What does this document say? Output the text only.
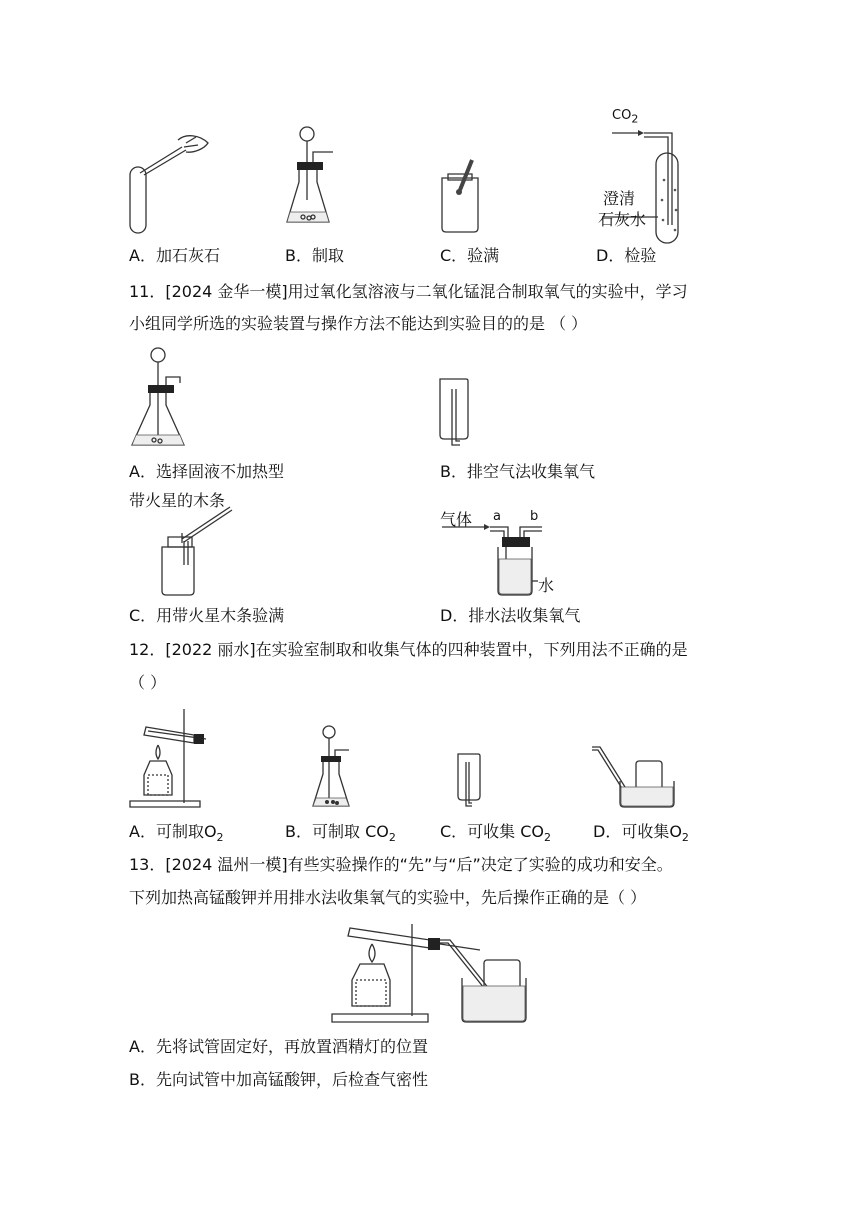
$CO_2$
澄清
石灰水
A．加石灰石	B．制取	C．验满	D．检验
11．[2024 金华一模]用过氧化氢溶液与二氧化锰混合制取氧气的实验中，学习
小组同学所选的实验装置与操作方法不能达到实验目的的是 （ ）
A．选择固液不加热型	B．排空气法收集氧气
带火星的木条
气体 a b
水
C．用带火星木条验满	D．排水法收集氧气
12．[2022 丽水]在实验室制取和收集气体的四种装置中，下列用法不正确的是
（ ）
A．可制取$O_2$	B．可制取 $CO_2$	C．可收集 $CO_2$	D．可收集$O_2$
13．[2024 温州一模]有些实验操作的“先”与“后”决定了实验的成功和安全。
下列加热高锰酸钾并用排水法收集氧气的实验中，先后操作正确的是（ ）
A．先将试管固定好，再放置酒精灯的位置
B．先向试管中加高锰酸钾，后检查气密性
